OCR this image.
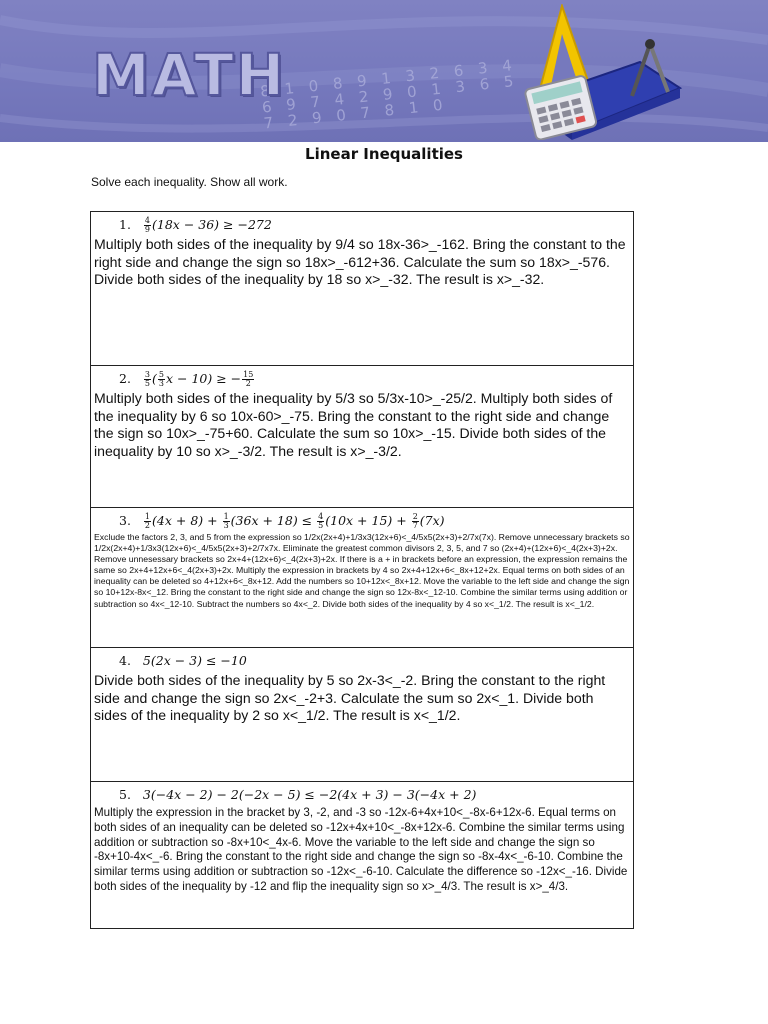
8 1 0 8 9 1 3 2 6 3 4 6 9 7 4 2 9 0 1 3 6 5 7 2 9 0 7 8 1 0
MATH
Linear Inequalities
Solve each inequality. Show all work.
1. $\frac{4}{9}$ (18𝑥 − 36) ≥ −272
Multiply both sides of the inequality by 9/4 so 18x-36>_-162. Bring the constant to the right side and change the sign so 18x>_-612+36. Calculate the sum so 18x>_-576. Divide both sides of the inequality by 18 so x>_-32. The result is x>_-32.
2. $\frac{3}{5}$ ( $\frac{5}{3}$ 𝑥 − 10) ≥ − $\frac{15}{2}$
Multiply both sides of the inequality by 5/3 so 5/3x-10>_-25/2. Multiply both sides of the inequality by 6 so 10x-60>_-75. Bring the constant to the right side and change the sign so 10x>_-75+60. Calculate the sum so 10x>_-15. Divide both sides of the inequality by 10 so x>_-3/2. The result is x>_-3/2.
3. $\frac{1}{2}$ (4𝑥 + $8) + \frac{1}{3}$ (36𝑥 + $18) \le \frac{4}{5}$ (10𝑥 + $15) + \frac{2}{7}$ (7𝑥)
Exclude the factors 2, 3, and 5 from the expression so 1/2x(2x+4)+1/3x3(12x+6)<_4/5x5(2x+3)+2/7x(7x). Remove unnecessary brackets so 1/2x(2x+4)+1/3x3(12x+6)<_4/5x5(2x+3)+2/7x7x. Eliminate the greatest common divisors 2, 3, 5, and 7 so (2x+4)+(12x+6)<_4(2x+3)+2x. Remove unnesessary brackets so 2x+4+(12x+6)<_4(2x+3)+2x. If there is a + in brackets before an expression, the expression remains the same so 2x+4+12x+6<_4(2x+3)+2x. Multiply the expression in brackets by 4 so 2x+4+12x+6<_8x+12+2x. Equal terms on both sides of an inequality can be deleted so 4+12x+6<_8x+12. Add the numbers so 10+12x<_8x+12. Move the variable to the left side and change the sign so 10+12x-8x<_12. Bring the constant to the right side and change the sign so 12x-8x<_12-10. Combine the similar terms using addition or subtraction so 4x<_12-10. Subtract the numbers so 4x<_2. Divide both sides of the inequality by 4 so x<_1/2. The result is x<_1/2.
4. 5(2𝑥 − 3) ≤ −10
Divide both sides of the inequality by 5 so 2x-3<_-2. Bring the constant to the right side and change the sign so 2x<_-2+3. Calculate the sum so 2x<_1. Divide both sides of the inequality by 2 so x<_1/2. The result is x<_1/2.
5. 3(−4𝑥 − 2) − 2(−2𝑥 − 5) ≤ −2(4𝑥 + 3) − 3(−4𝑥 + 2)
Multiply the expression in the bracket by 3, -2, and -3 so -12x-6+4x+10<_-8x-6+12x-6. Equal terms on both sides of an inequality can be deleted so -12x+4x+10<_-8x+12x-6. Combine the similar terms using addition or subtraction so -8x+10<_4x-6. Move the variable to the left side and change the sign so -8x+10-4x<_-6. Bring the constant to the right side and change the sign so -8x-4x<_-6-10. Combine the similar terms using addition or subtraction so -12x<_-6-10. Calculate the difference so -12x<_-16. Divide both sides of the inequality by -12 and flip the inequality sign so x>_4/3. The result is x>_4/3.
